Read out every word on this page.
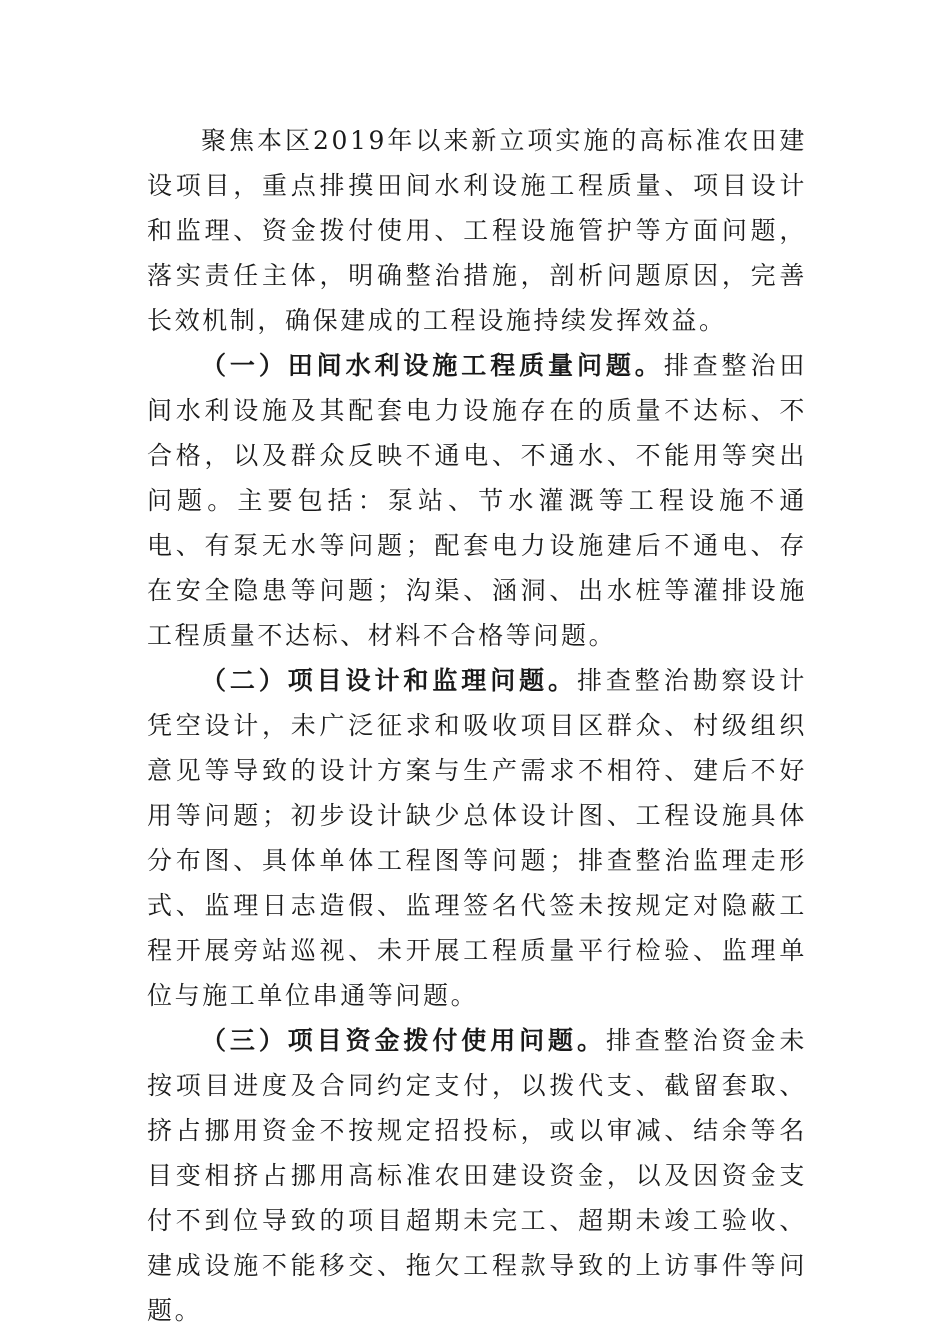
聚焦本区2019年以来新立项实施的高标准农田建设项目，重点排摸田间水利设施工程质量、项目设计和监理、资金拨付使用、工程设施管护等方面问题，落实责任主体，明确整治措施，剖析问题原因，完善长效机制，确保建成的工程设施持续发挥效益。

（一）田间水利设施工程质量问题。排查整治田间水利设施及其配套电力设施存在的质量不达标、不合格，以及群众反映不通电、不通水、不能用等突出问题。主要包括：泵站、节水灌溉等工程设施不通电、有泵无水等问题；配套电力设施建后不通电、存在安全隐患等问题；沟渠、涵洞、出水桩等灌排设施工程质量不达标、材料不合格等问题。

（二）项目设计和监理问题。排查整治勘察设计凭空设计，未广泛征求和吸收项目区群众、村级组织意见等导致的设计方案与生产需求不相符、建后不好用等问题；初步设计缺少总体设计图、工程设施具体分布图、具体单体工程图等问题；排查整治监理走形式、监理日志造假、监理签名代签未按规定对隐蔽工程开展旁站巡视、未开展工程质量平行检验、监理单位与施工单位串通等问题。

（三）项目资金拨付使用问题。排查整治资金未按项目进度及合同约定支付，以拨代支、截留套取、挤占挪用资金不按规定招投标，或以审减、结余等名目变相挤占挪用高标准农田建设资金，以及因资金支付不到位导致的项目超期未完工、超期未竣工验收、建成设施不能移交、拖欠工程款导致的上访事件等问题。
